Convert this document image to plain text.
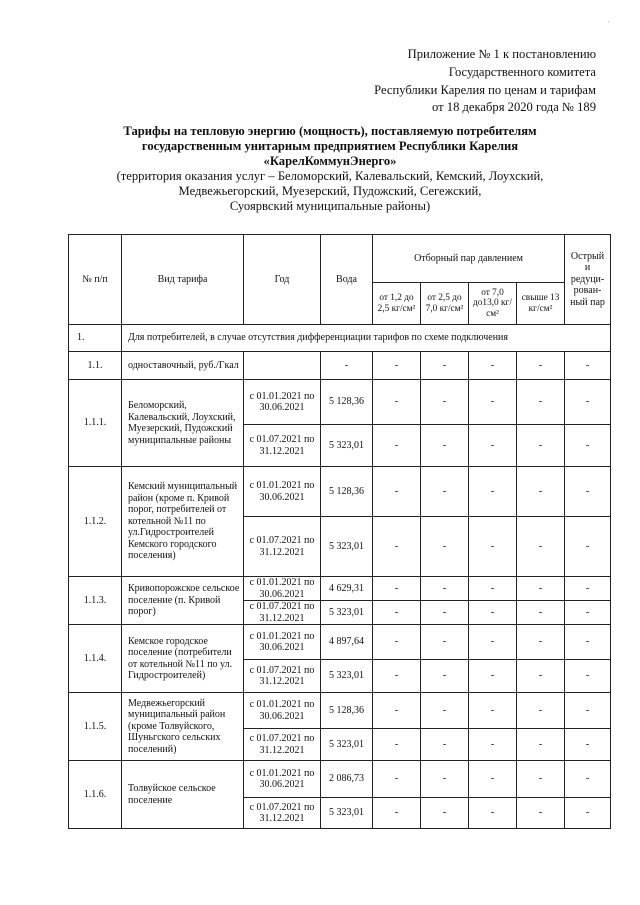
ˈ
Приложение № 1 к постановлению
Государственного комитета
Республики Карелия по ценам и тарифам
от 18 декабря 2020 года № 189
Тарифы на тепловую энергию (мощность), поставляемую потребителям
государственным унитарным предприятием Республики Карелия
«КарелКоммунЭнерго»
(территория оказания услуг – Беломорский, Калевальский, Кемский, Лоухский,
Медвежьегорский, Муезерский, Пудожский, Сегежский,
Суоярвский муниципальные районы)
№ п/п	Вид тарифа	Год	Вода	Отборный пар давлением				Острый и редуци-рован-ный пар
				от 1,2 до 2,5 кг/см²	от 2,5 до 7,0 кг/см²	от 7,0 до13,0 кг/см²	свыше 13 кг/см²	
1.	Для потребителей, в случае отсутствия дифференциации тарифов по схеме подключения							
1.1.	одноставочный, руб./Гкал		-	-	-	-	-	-
1.1.1.	Беломорский, Калевальский, Лоухский, Муезерский, Пудожский муниципальные районы	с 01.01.2021 по 30.06.2021	5 128,36	-	-	-	-	-
		с 01.07.2021 по 31.12.2021	5 323,01	-	-	-	-	-
1.1.2.	Кемский муниципальный район (кроме п. Кривой порог, потребителей от котельной №11 по ул.Гидростроителей Кемского городского поселения)	с 01.01.2021 по 30.06.2021	5 128,36	-	-	-	-	-
		с 01.07.2021 по 31.12.2021	5 323,01	-	-	-	-	-
1.1.3.	Кривопорожское сельское поселение (п. Кривой порог)	с 01.01.2021 по 30.06.2021	4 629,31	-	-	-	-	-
		с 01.07.2021 по 31.12.2021	5 323,01	-	-	-	-	-
1.1.4.	Кемское городское поселение (потребители от котельной №11 по ул. Гидростроителей)	с 01.01.2021 по 30.06.2021	4 897,64	-	-	-	-	-
		с 01.07.2021 по 31.12.2021	5 323,01	-	-	-	-	-
1.1.5.	Медвежьегорский муниципальный район (кроме Толвуйского, Шуньгского сельских поселений)	с 01.01.2021 по 30.06.2021	5 128,36	-	-	-	-	-
		с 01.07.2021 по 31.12.2021	5 323,01	-	-	-	-	-
1.1.6.	Толвуйское сельское поселение	с 01.01.2021 по 30.06.2021	2 086,73	-	-	-	-	-
		с 01.07.2021 по 31.12.2021	5 323,01	-	-	-	-	-
